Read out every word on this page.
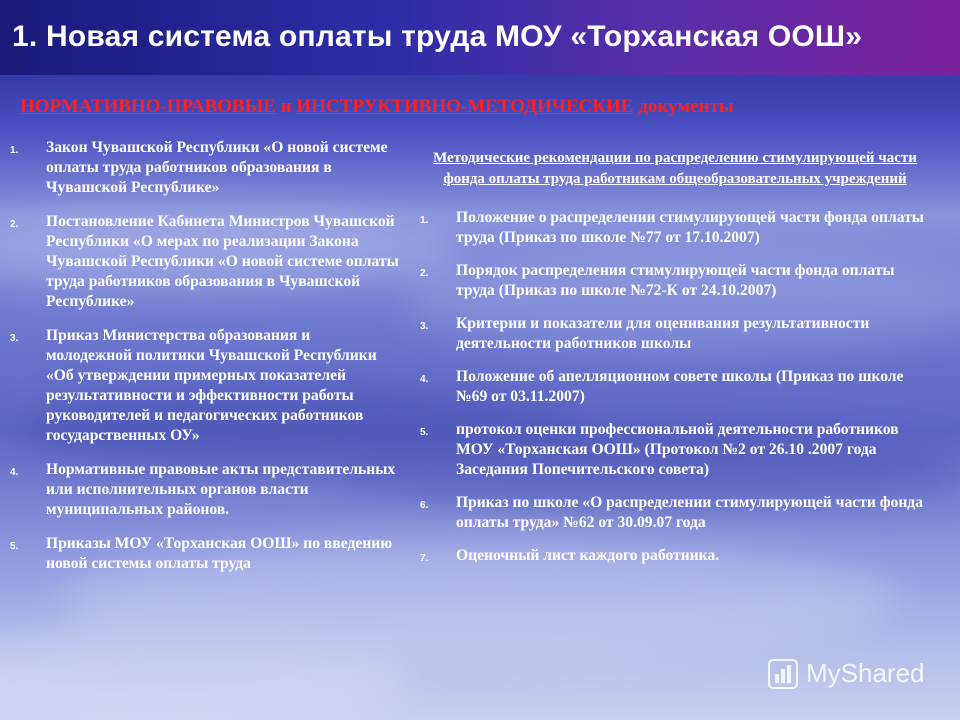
1. Новая система оплаты труда МОУ «Торханская ООШ»
НОРМАТИВНО-ПРАВОВЫЕ и ИНСТРУКТИВНО-МЕТОДИЧЕСКИЕ документы
1.	Закон Чувашской Республики «О новой системе оплаты труда работников образования в Чувашской Республике»
2.	Постановление Кабинета Министров Чувашской Республики «О мерах по реализации Закона Чувашской Республики «О новой системе оплаты труда работников образования в Чувашской Республике»
3.	Приказ Министерства образования и молодежной политики Чувашской Республики «Об утверждении примерных показателей результативности и эффективности работы руководителей и педагогических работников государственных ОУ»
4.	Нормативные правовые акты представительных или исполнительных органов власти муниципальных районов.
5.	Приказы МОУ «Торханская ООШ» по введению новой системы оплаты труда
Методические рекомендации по распределению стимулирующей части фонда оплаты труда работникам общеобразовательных учреждений
1.	Положение о распределении стимулирующей части фонда оплаты труда (Приказ по школе №77 от 17.10.2007)
2.	Порядок распределения стимулирующей части фонда оплаты труда (Приказ по школе №72-К от 24.10.2007)
3.	Критерии и показатели для оценивания результативности деятельности работников школы
4.	Положение об апелляционном совете школы (Приказ по школе №69 от 03.11.2007)
5.	протокол оценки профессиональной деятельности работников МОУ «Торханская ООШ» (Протокол №2 от 26.10 .2007 года Заседания Попечительского совета)
6.	Приказ по школе «О распределении стимулирующей части фонда оплаты труда» №62 от 30.09.07 года
7.	Оценочный лист каждого работника.
MyShared
